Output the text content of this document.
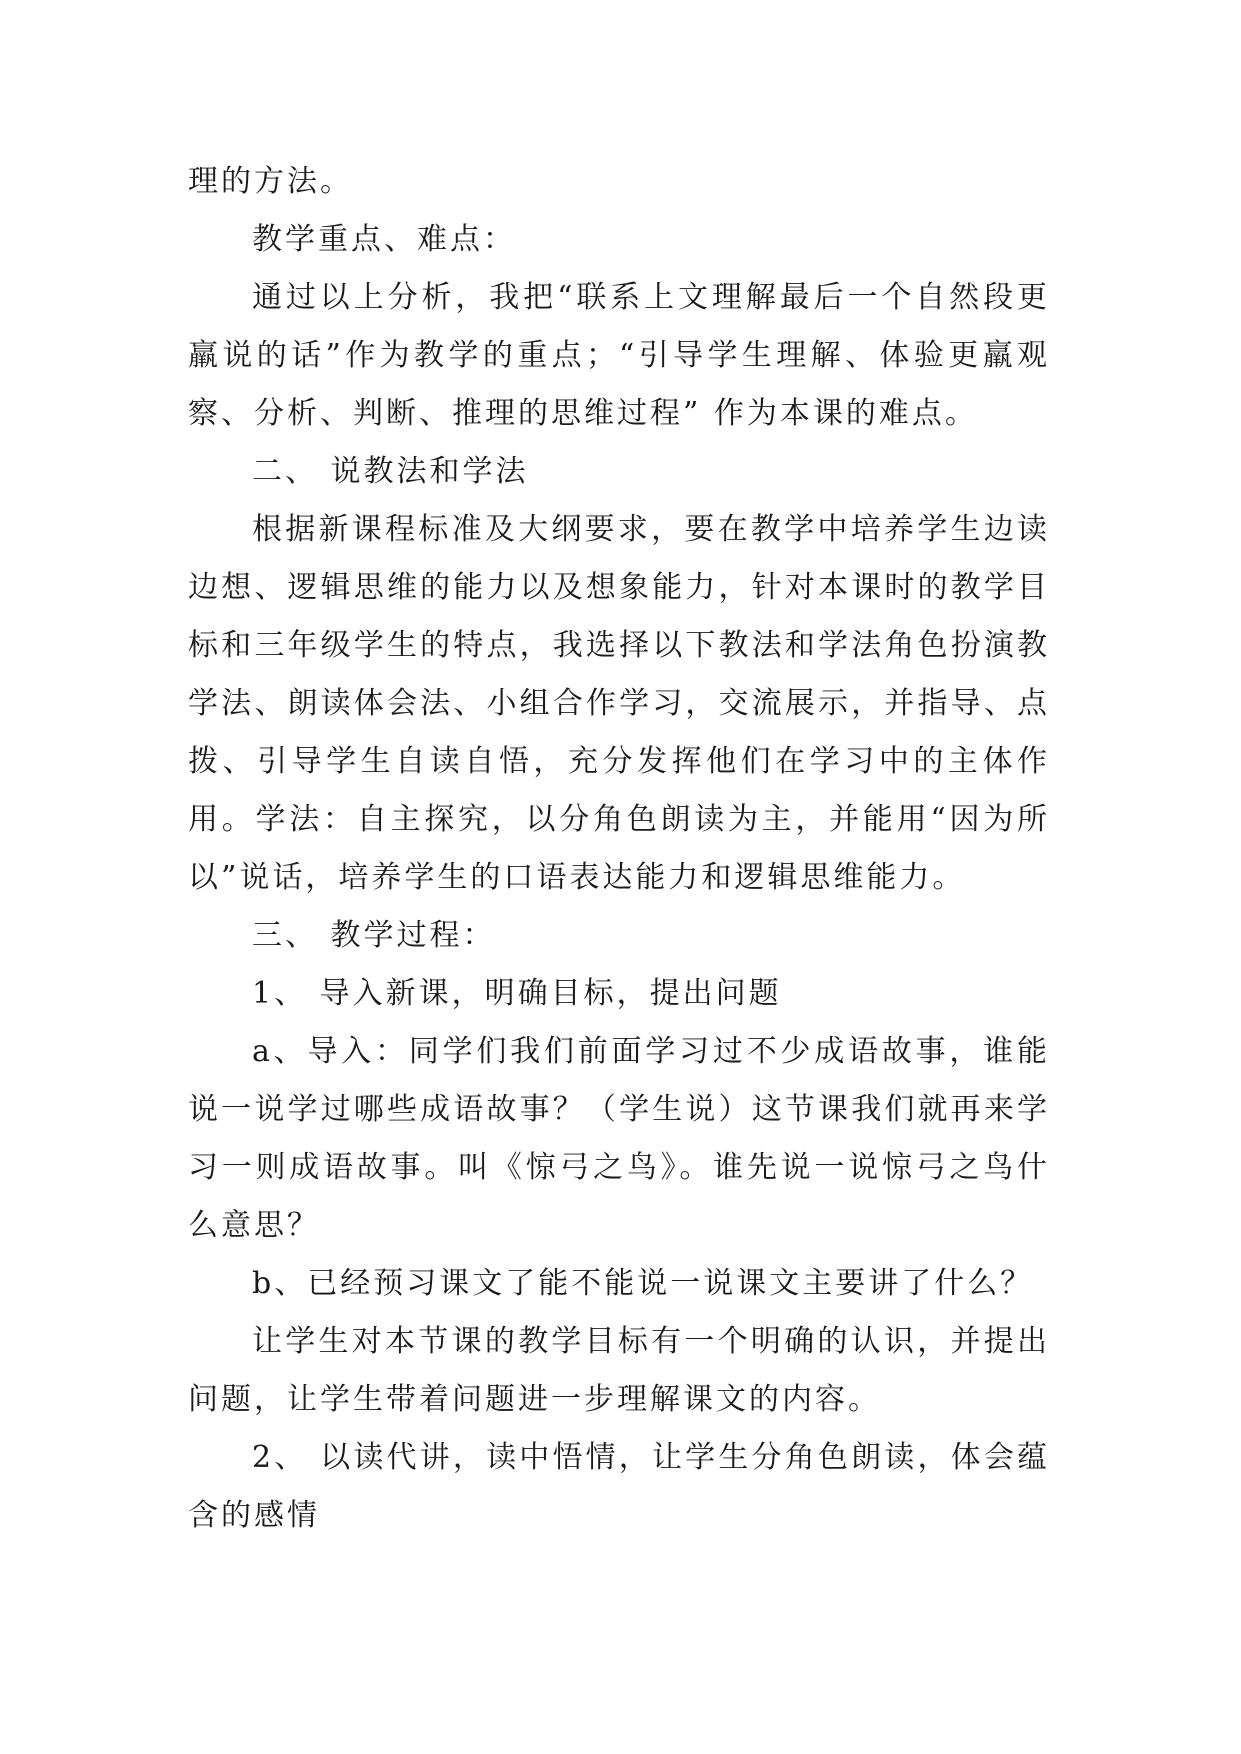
理的方法。

教学重点、难点：

通过以上分析，我把“联系上文理解最后一个自然段更羸说的话”作为教学的重点；“引导学生理解、体验更羸观察、分析、判断、推理的思维过程” 作为本课的难点。

二、 说教法和学法

根据新课程标准及大纲要求，要在教学中培养学生边读边想、逻辑思维的能力以及想象能力，针对本课时的教学目标和三年级学生的特点，我选择以下教法和学法角色扮演教学法、朗读体会法、小组合作学习，交流展示，并指导、点拨、引导学生自读自悟，充分发挥他们在学习中的主体作用。学法：自主探究，以分角色朗读为主，并能用“因为所以”说话，培养学生的口语表达能力和逻辑思维能力。

三、 教学过程：

1、 导入新课，明确目标，提出问题

a、导入：同学们我们前面学习过不少成语故事，谁能说一说学过哪些成语故事？（学生说）这节课我们就再来学习一则成语故事。叫《惊弓之鸟》。谁先说一说惊弓之鸟什么意思？

b、已经预习课文了能不能说一说课文主要讲了什么？

让学生对本节课的教学目标有一个明确的认识，并提出问题，让学生带着问题进一步理解课文的内容。

2、 以读代讲，读中悟情，让学生分角色朗读，体会蕴含的感情
